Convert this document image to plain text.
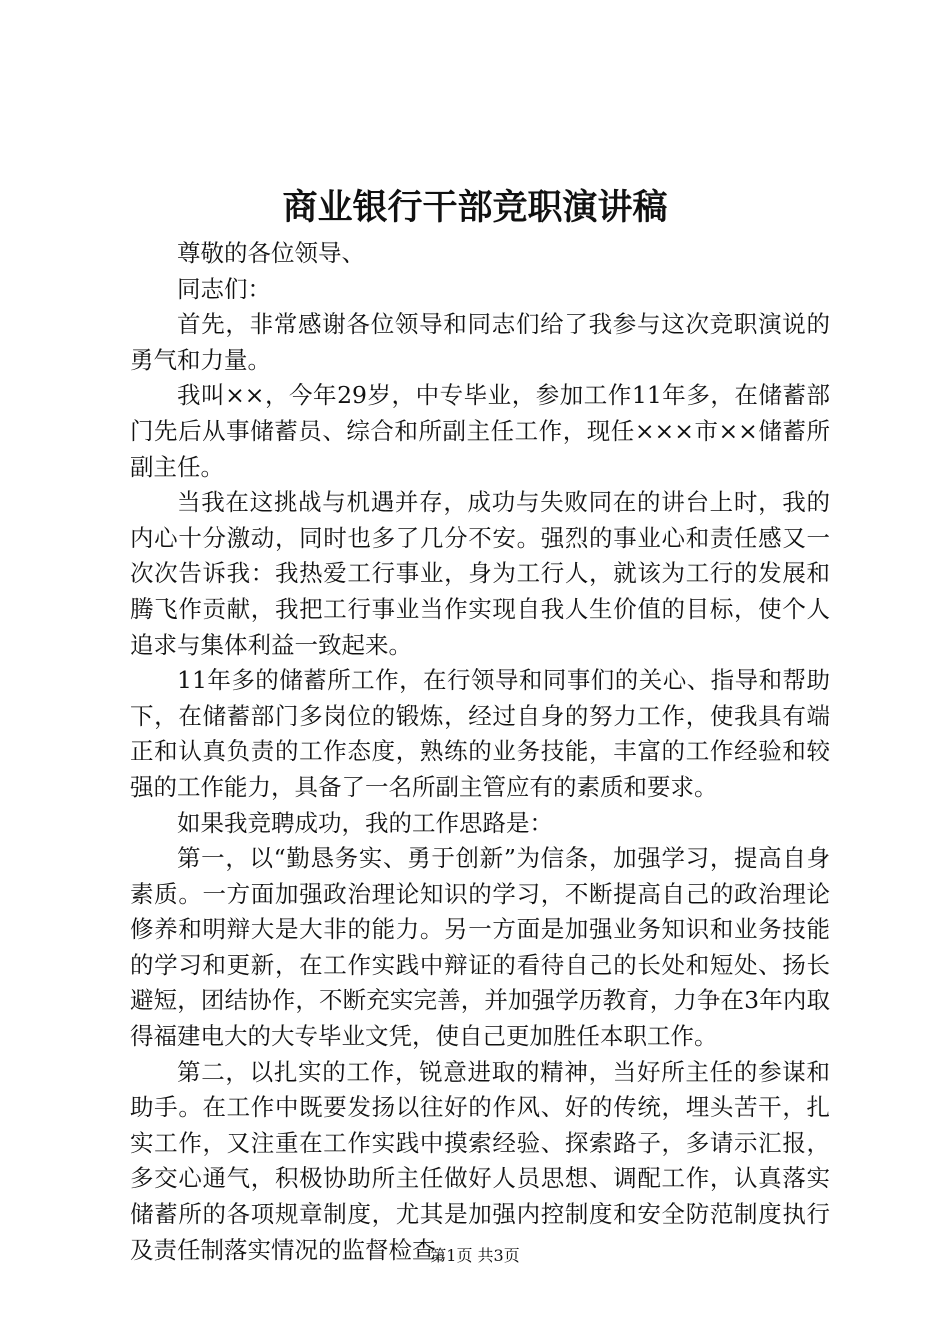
商业银行干部竞职演讲稿

尊敬的各位领导、

同志们：

首先，非常感谢各位领导和同志们给了我参与这次竞职演说的勇气和力量。

我叫××，今年29岁，中专毕业，参加工作11年多，在储蓄部门先后从事储蓄员、综合和所副主任工作，现任×××市××储蓄所副主任。

当我在这挑战与机遇并存，成功与失败同在的讲台上时，我的内心十分激动，同时也多了几分不安。强烈的事业心和责任感又一次次告诉我：我热爱工行事业，身为工行人，就该为工行的发展和腾飞作贡献，我把工行事业当作实现自我人生价值的目标，使个人追求与集体利益一致起来。

11年多的储蓄所工作，在行领导和同事们的关心、指导和帮助下，在储蓄部门多岗位的锻炼，经过自身的努力工作，使我具有端正和认真负责的工作态度，熟练的业务技能，丰富的工作经验和较强的工作能力，具备了一名所副主管应有的素质和要求。

如果我竞聘成功，我的工作思路是：

第一，以“勤恳务实、勇于创新”为信条，加强学习，提高自身素质。一方面加强政治理论知识的学习，不断提高自己的政治理论修养和明辩大是大非的能力。另一方面是加强业务知识和业务技能的学习和更新，在工作实践中辩证的看待自己的长处和短处、扬长避短，团结协作，不断充实完善，并加强学历教育，力争在3年内取得福建电大的大专毕业文凭，使自己更加胜任本职工作。

第二，以扎实的工作，锐意进取的精神，当好所主任的参谋和助手。在工作中既要发扬以往好的作风、好的传统，埋头苦干，扎实工作，又注重在工作实践中摸索经验、探索路子，多请示汇报，多交心通气，积极协助所主任做好人员思想、调配工作，认真落实储蓄所的各项规章制度，尤其是加强内控制度和安全防范制度执行及责任制落实情况的监督检查。

第1页 共3页
